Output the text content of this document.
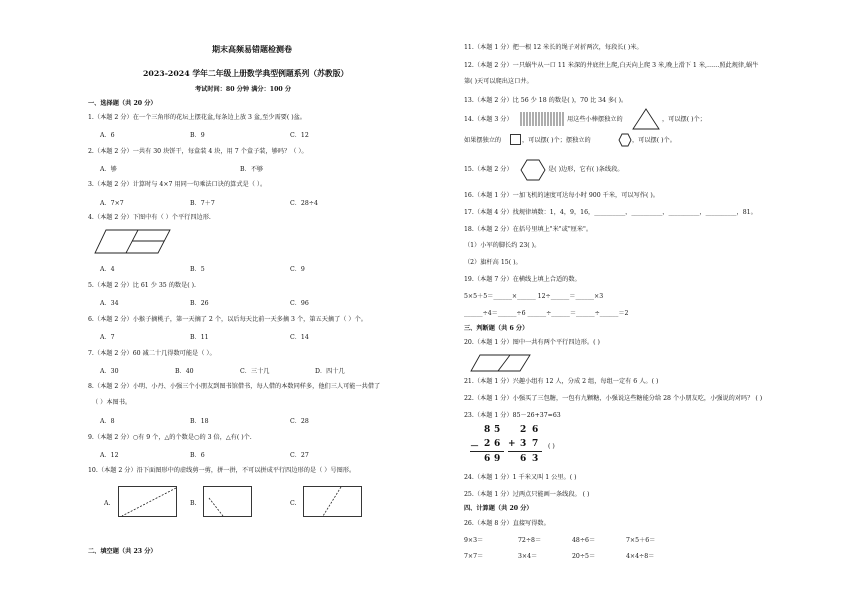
期末高频易错题检测卷
2023-2024 学年二年级上册数学典型例题系列（苏教版）
考试时间：80 分钟 满分：100 分
一、选择题（共 20 分）
1.（本题 2 分）在一个三角形的花坛上摆花盆,每条边上放 3 盆,至少需要( )盆。
A．6	B．9	C．12
2.（本题 2 分）一共有 30 块饼干，每盒装 4 块，用 7 个盒子装，够吗？（ ）。
A．够	B．不够
3.（本题 2 分）计算时与 4×7 用同一句乘法口诀的算式是（ ）。
A．7×7	B．7＋7	C．28÷4
4.（本题 2 分）下图中有（ ）个平行四边形.
A．4	B．5	C．9
5.（本题 2 分）比 61 少 35 的数是( ).
A．34	B．26	C．96
6.（本题 2 分）小猴子摘桃子，第一天摘了 2 个，以后每天比前一天多摘 3 个，第五天摘了（ ）个。
A．7	B．11	C．14
7.（本题 2 分）60 减二十几得数可能是（ ）。
A．30	B．40	C．三十几	D．四十几
8.（本题 2 分）小明、小丹、小强三个小朋友到图书馆借书，每人借的本数同样多，他们三人可能一共借了
（ ）本图书。
A．8	B．18	C．28
9.（本题 2 分）○有 9 个，△的个数是○的 3 倍，△有( )个.
A．12	B．6	C．27
10.（本题 2 分）沿下面图形中的虚线剪一剪，拼一拼，不可以拼成平行四边形的是（ ）号图形。
A.	B.	C.
二、填空题（共 23 分）
11.（本题 1 分）把一根 12 米长的绳子对折两次，每段长( )米。
12.（本题 2 分）一只蜗牛从一口 11 米深的井底往上爬,白天向上爬 3 米,晚上滑下 1 米,……照此规律,蜗牛
第( )天可以爬出这口井。
13.（本题 2 分）比 56 少 18 的数是( )，70 比 34 多( )。
14.（本题 3 分）	用这些小棒摆独立的	，可以摆( )个；
如果摆独立的	，可以摆( )个；摆独立的	，可以摆( )个。
15.（本题 2 分）	是( )边形，它有( )条线段。
16.（本题 1 分）一加飞机的速度可达每小时 900 千米，可以写作( )。
17.（本题 4 分）找规律填数：1，4，9，16，__________，__________，__________，__________，81。
18.（本题 2 分）在括号里填上"米"或"厘米"。
（1）小军的脚长约 23( )。
（2）旗杆高 15( )。
19.（本题 7 分）在横线上填上合适的数。
5×5＋5＝______×______ 12÷______＝______×3
______÷4＝______÷6 ______÷______＝______÷______＝2
三、判断题（共 6 分）
20.（本题 1 分）图中一共有两个平行四边形。( )
21.（本题 1 分）兴趣小组有 12 人，分成 2 组，每组一定有 6 人。( )
22.（本题 1 分）小强买了三包糖，一包有九颗糖，小强说这些糖能分给 28 个小朋友吃，小强说的对吗？ ( )
23.（本题 1 分）85－26+37=63
8 5
－ 2 6
6 9
2 6
+ 3 7
6 3
( )
24.（本题 1 分）1 千米又叫 1 公里。( )
25.（本题 1 分）过两点只能画一条线段。 ( )
四、计算题（共 20 分）
26.（本题 8 分）直接写得数。
9×3＝	72÷8＝	48÷6＝	7×5＋6＝
7×7＝	3×4＝	20÷5＝	4×4÷8＝
